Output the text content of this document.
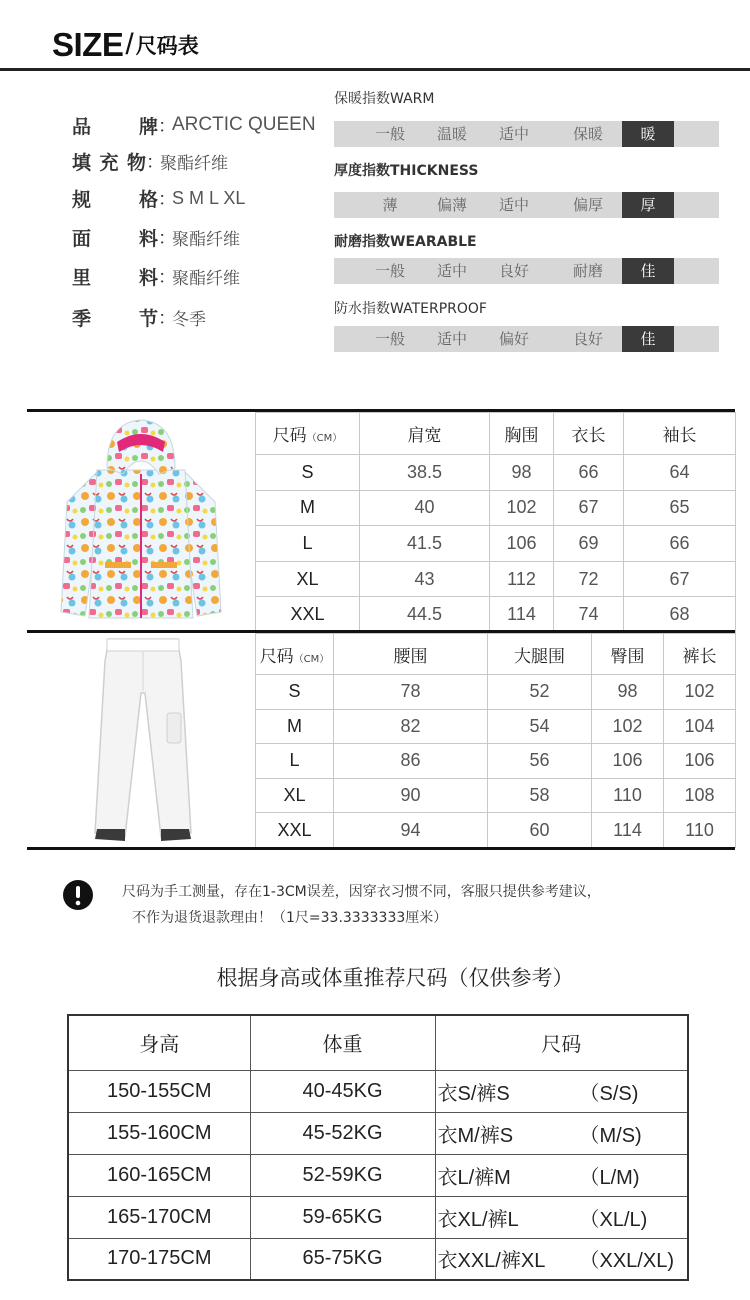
SIZE / 尺码表
品	牌 ：
ARCTIC QUEEN
填 充 物 ：
聚酯纤维
规	格 ：
S M L XL
面	料 ：
聚酯纤维
里	料 ：
聚酯纤维
季	节 ：
冬季
保暖指数WARM
一般	温暖	适中	保暖	暖
厚度指数THICKNESS
薄	偏薄	适中	偏厚	厚
耐磨指数WEARABLE
一般	适中	良好	耐磨	佳
防水指数WATERPROOF
一般	适中	偏好	良好	佳
尺码（CM）	肩宽	胸围	衣长	袖长
S	38.5	98	66	64
M	40	102	67	65
L	41.5	106	69	66
XL	43	112	72	67
XXL	44.5	114	74	68
尺码（CM）	腰围	大腿围	臀围	裤长
S	78	52	98	102
M	82	54	102	104
L	86	56	106	106
XL	90	58	110	108
XXL	94	60	114	110
尺码为手工测量，存在1-3CM误差，因穿衣习惯不同，客服只提供参考建议，
不作为退货退款理由！（1尺=33.3333333厘米）
根据身高或体重推荐尺码（仅供参考）
身高	体重	尺码
150-155CM	40-45KG	衣S/裤S （S/S)

155-160CM	45-52KG	衣M/裤S （M/S)

160-165CM	52-59KG	衣L/裤M （L/M)

165-170CM	59-65KG	衣XL/裤L （XL/L)

170-175CM	65-75KG	衣XXL/裤XL （XXL/XL)
